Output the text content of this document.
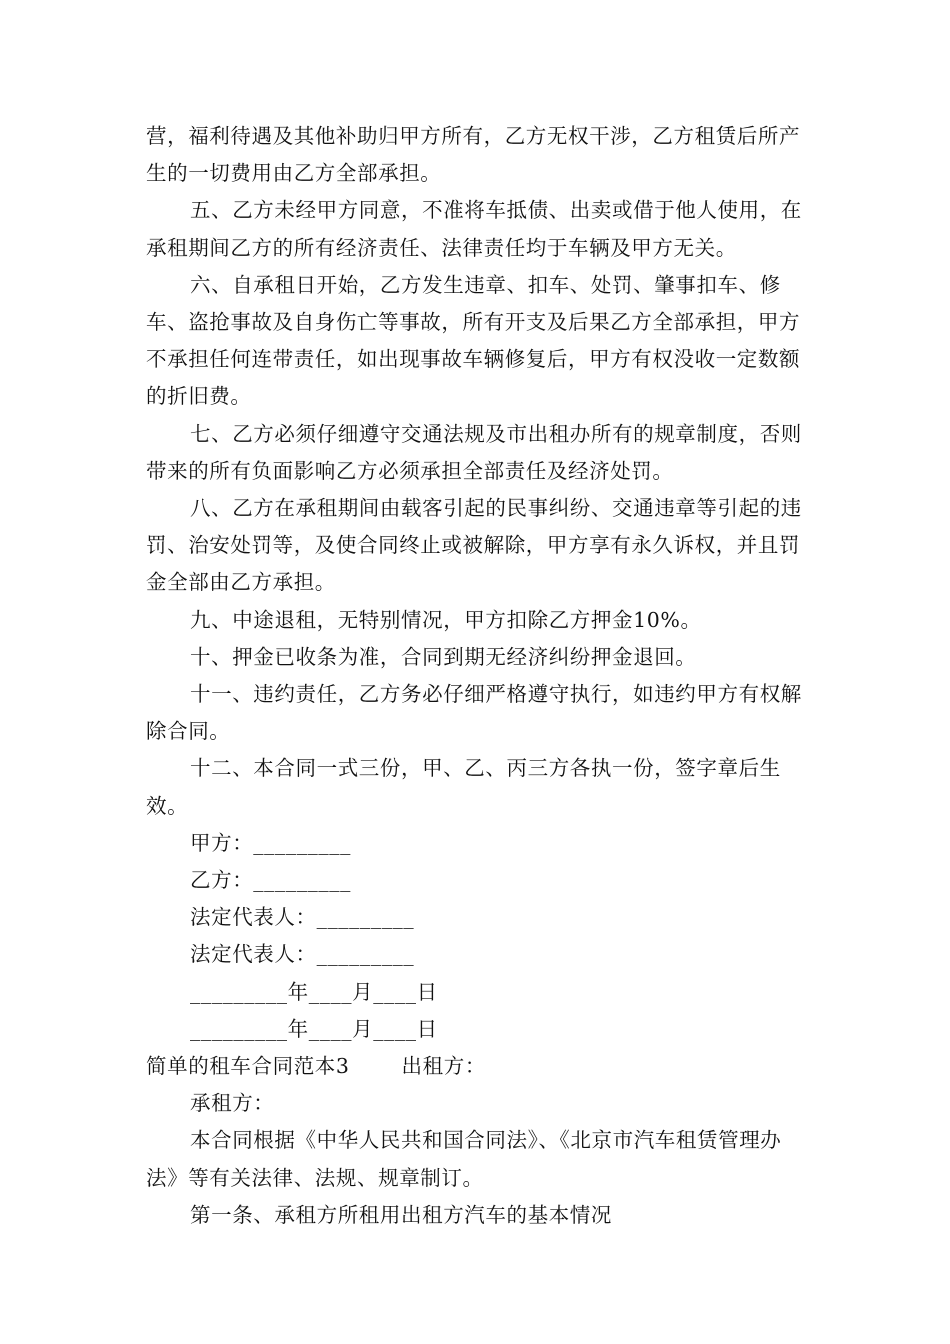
营，福利待遇及其他补助归甲方所有，乙方无权干涉，乙方租赁后所产生的一切费用由乙方全部承担。

五、乙方未经甲方同意，不准将车抵债、出卖或借于他人使用，在承租期间乙方的所有经济责任、法律责任均于车辆及甲方无关。

六、自承租日开始，乙方发生违章、扣车、处罚、肇事扣车、修车、盗抢事故及自身伤亡等事故，所有开支及后果乙方全部承担，甲方不承担任何连带责任，如出现事故车辆修复后，甲方有权没收一定数额的折旧费。

七、乙方必须仔细遵守交通法规及市出租办所有的规章制度，否则带来的所有负面影响乙方必须承担全部责任及经济处罚。

八、乙方在承租期间由载客引起的民事纠纷、交通违章等引起的违罚、治安处罚等，及使合同终止或被解除，甲方享有永久诉权，并且罚金全部由乙方承担。

九、中途退租，无特别情况，甲方扣除乙方押金10%。

十、押金已收条为准，合同到期无经济纠纷押金退回。

十一、违约责任，乙方务必仔细严格遵守执行，如违约甲方有权解除合同。

十二、本合同一式三份，甲、乙、丙三方各执一份，签字章后生效。

甲方：_________

乙方：_________

法定代表人：_________

法定代表人：_________

_________年____月____日

_________年____月____日

简单的租车合同范本3	出租方：

承租方：

本合同根据《中华人民共和国合同法》、《北京市汽车租赁管理办法》等有关法律、法规、规章制订。

第一条、承租方所租用出租方汽车的基本情况
